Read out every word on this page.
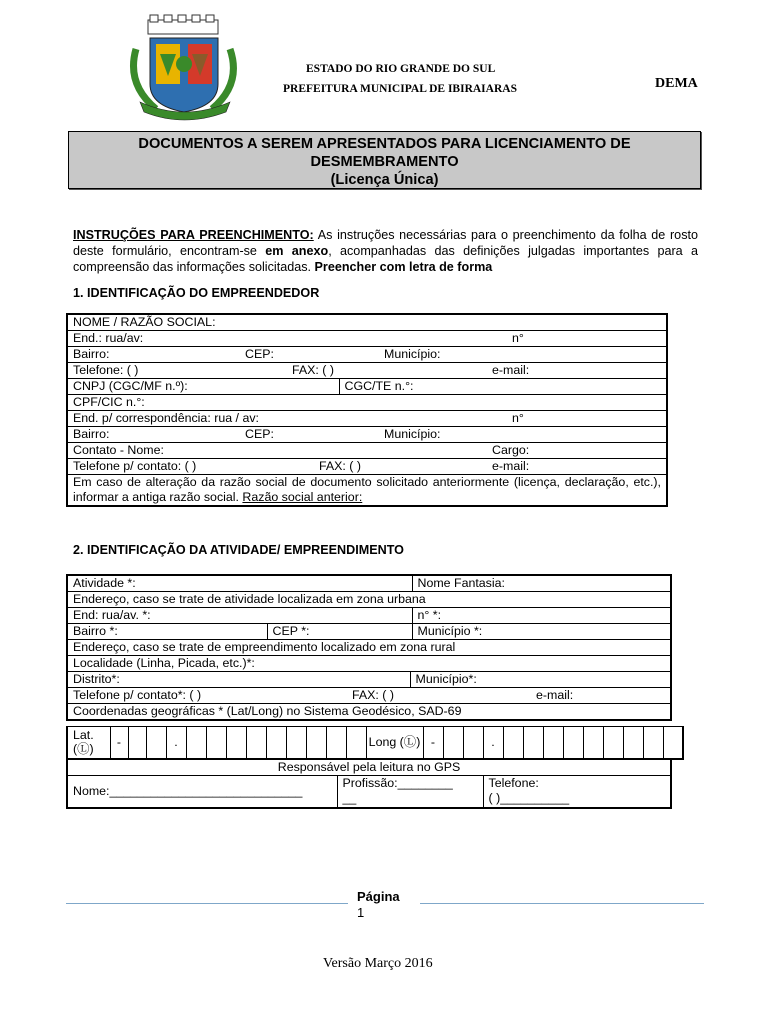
ESTADO DO RIO GRANDE DO SUL
PREFEITURA MUNICIPAL DE IBIRAIARAS	DEMA
DOCUMENTOS A SEREM APRESENTADOS PARA LICENCIAMENTO DE
DESMEMBRAMENTO
(Licença Única)
INSTRUÇÕES PARA PREENCHIMENTO: As instruções necessárias para o preenchimento da folha de rosto deste formulário, encontram-se em anexo, acompanhadas das definições julgadas importantes para a compreensão das informações solicitadas. Preencher com letra de forma
1. IDENTIFICAÇÃO DO EMPREENDEDOR
NOME / RAZÃO SOCIAL:
End.: rua/av:	n°

Bairro:	CEP:	Município:

Telefone: ( )	FAX: ( )	e-mail:

CNPJ (CGC/MF n.º):	CGC/TE n.°:
CPF/CIC n.°:
End. p/ correspondência: rua / av:	n°

Bairro:	CEP:	Município:

Contato - Nome:	Cargo:

Telefone p/ contato: ( )	FAX: ( )	e-mail:

Em caso de alteração da razão social de documento solicitado anteriormente (licença, declaração, etc.), informar a antiga razão social. Razão social anterior:
2. IDENTIFICAÇÃO DA ATIVIDADE/ EMPREENDIMENTO
Atividade *:			Nome Fantasia:
Endereço, caso se trate de atividade localizada em zona urbana			
End: rua/av. *:			n° *:
Bairro *:	CEP *:		Município *:
Endereço, caso se trate de empreendimento localizado em zona rural			
Localidade (Linha, Picada, etc.)*:			
Distrito*:		Município*:	
Telefone p/ contato*: ( ) FAX: ( ) e-mail:			

Coordenadas geográficas * (Lat/Long) no Sistema Geodésico, SAD-69			
Lat.
(Ⓛ)	-			.										Long (Ⓛ)	-			.

Responsável pela leitura no GPS
Nome:____________________________	
Profissão:________
__

Telefone:
( )__________
Página
1
Versão Março 2016
